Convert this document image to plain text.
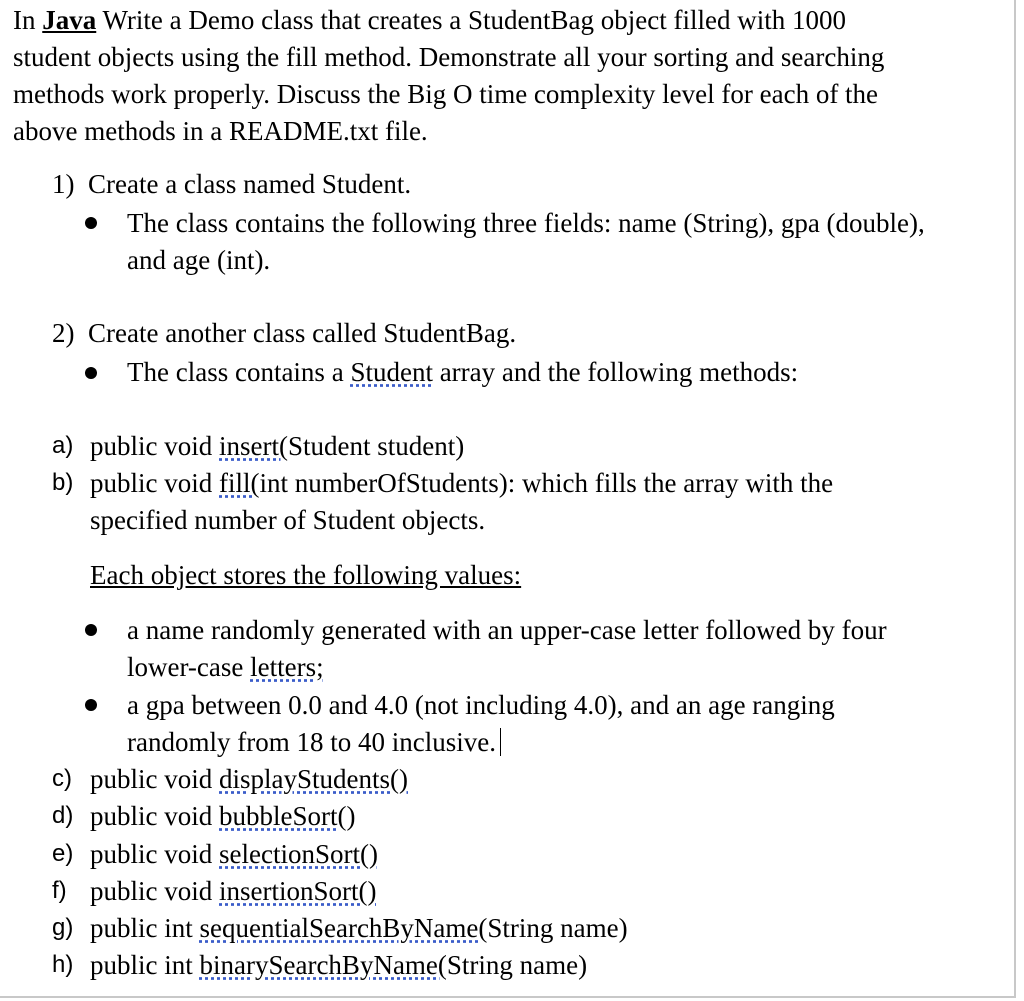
In Java Write a Demo class that creates a StudentBag object filled with 1000
student objects using the fill method. Demonstrate all your sorting and searching
methods work properly. Discuss the Big O time complexity level for each of the
above methods in a README.txt file.
1) Create a class named Student.
The class contains the following three fields: name (String), gpa (double),
and age (int).
2) Create another class called StudentBag.
The class contains a Student array and the following methods:
a) public void insert(Student student)
b) public void fill(int numberOfStudents): which fills the array with the
specified number of Student objects.
Each object stores the following values:
a name randomly generated with an upper-case letter followed by four
lower-case letters;
a gpa between 0.0 and 4.0 (not including 4.0), and an age ranging
randomly from 18 to 40 inclusive.
c) public void displayStudents()
d) public void bubbleSort()
e) public void selectionSort()
f) public void insertionSort()
g) public int sequentialSearchByName(String name)
h) public int binarySearchByName(String name)
